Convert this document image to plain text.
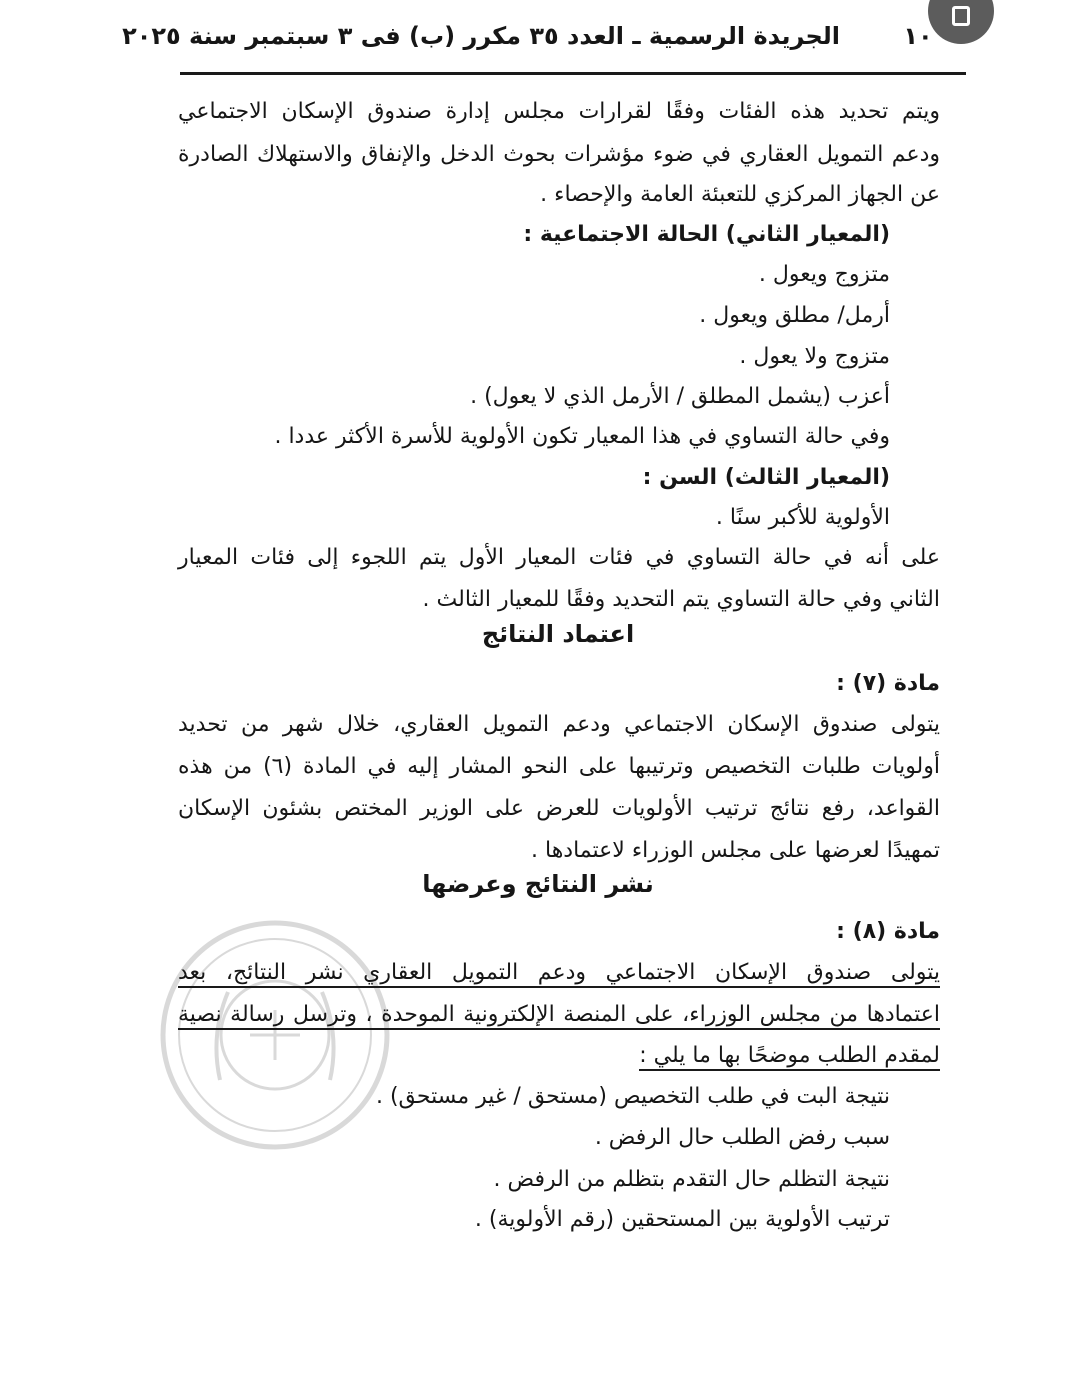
١٠
الجريدة الرسمية ـ العدد ٣٥ مكرر (ب) فى ٣ سبتمبر سنة ٢٠٢٥
ويتم تحديد هذه الفئات وفقًا لقرارات مجلس إدارة صندوق الإسكان الاجتماعي
ودعم التمويل العقاري في ضوء مؤشرات بحوث الدخل والإنفاق والاستهلاك الصادرة
عن الجهاز المركزي للتعبئة العامة والإحصاء .
(المعيار الثاني) الحالة الاجتماعية :
متزوج ويعول .
أرمل/ مطلق ويعول .
متزوج ولا يعول .
أعزب (يشمل المطلق / الأرمل الذي لا يعول) .
وفي حالة التساوي في هذا المعيار تكون الأولوية للأسرة الأكثر عددا .
(المعيار الثالث) السن :
الأولوية للأكبر سنًا .
على أنه في حالة التساوي في فئات المعيار الأول يتم اللجوء إلى فئات المعيار
الثاني وفي حالة التساوي يتم التحديد وفقًا للمعيار الثالث .
اعتماد النتائج
مادة (٧) :
يتولى صندوق الإسكان الاجتماعي ودعم التمويل العقاري، خلال شهر من تحديد
أولويات طلبات التخصيص وترتيبها على النحو المشار إليه في المادة (٦) من هذه
القواعد، رفع نتائج ترتيب الأولويات للعرض على الوزير المختص بشئون الإسكان
تمهيدًا لعرضها على مجلس الوزراء لاعتمادها .
نشر النتائج وعرضها
مادة (٨) :
يتولى صندوق الإسكان الاجتماعي ودعم التمويل العقاري نشر النتائج، بعد
اعتمادها من مجلس الوزراء، على المنصة الإلكترونية الموحدة ، وترسل رسالة نصية
لمقدم الطلب موضحًا بها ما يلي :
نتيجة البت في طلب التخصيص (مستحق / غير مستحق) .
سبب رفض الطلب حال الرفض .
نتيجة التظلم حال التقدم بتظلم من الرفض .
ترتيب الأولوية بين المستحقين (رقم الأولوية) .
